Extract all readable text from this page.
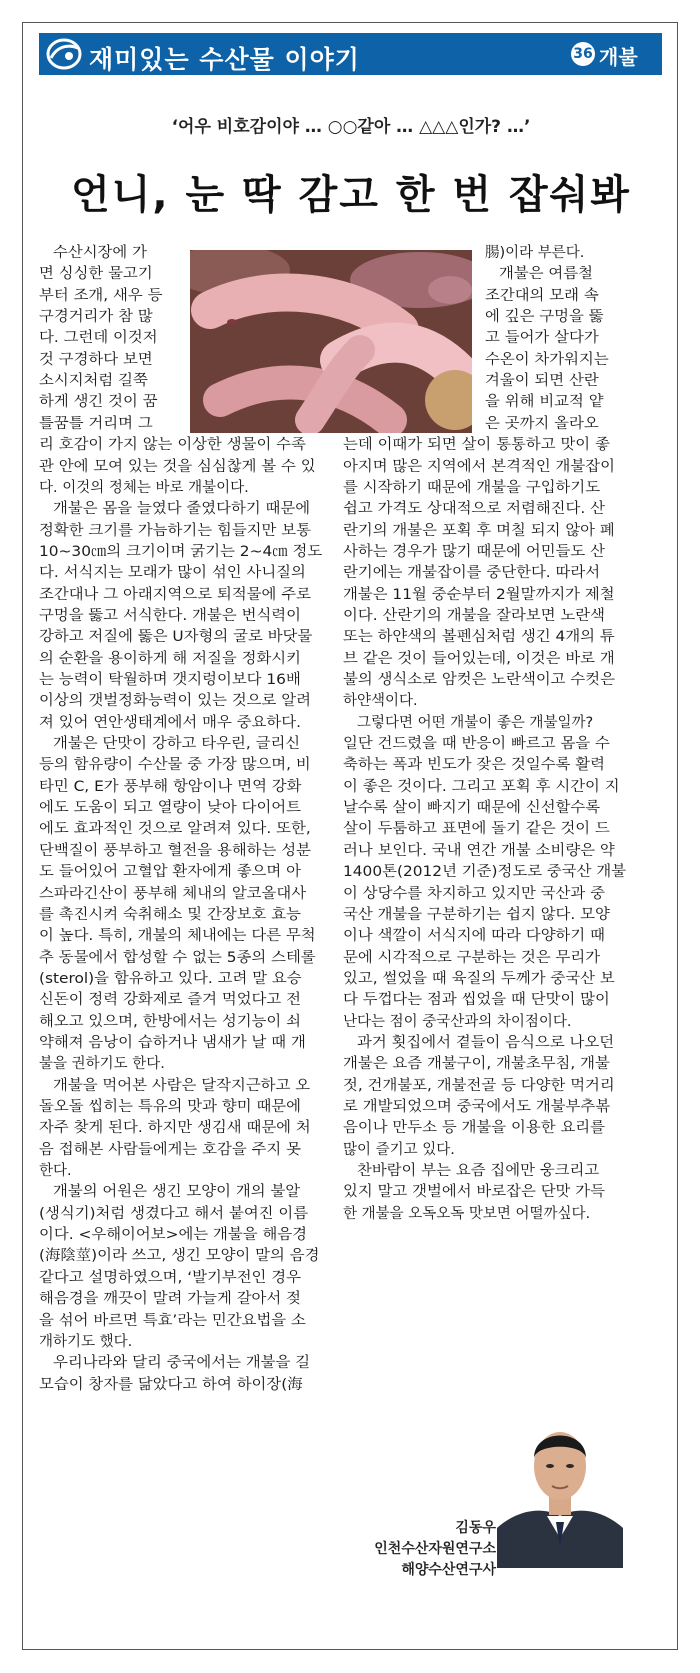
재미있는 수산물 이야기	36 개불
‘어우 비호감이야 … ○○같아 … △△△인가? …’
언니, 눈 딱 감고 한 번 잡숴봐
수산시장에 가
면 싱싱한 물고기
부터 조개, 새우 등
구경거리가 참 많
다. 그런데 이것저
것 구경하다 보면
소시지처럼 길쭉
하게 생긴 것이 꿈
틀꿈틀 거리며 그
리 호감이 가지 않는 이상한 생물이 수족
관 안에 모여 있는 것을 심심찮게 볼 수 있
다. 이것의 정체는 바로 개불이다.
개불은 몸을 늘였다 줄였다하기 때문에
정확한 크기를 가늠하기는 힘들지만 보통
10~30㎝의 크기이며 굵기는 2~4㎝ 정도
다. 서식지는 모래가 많이 섞인 사니질의
조간대나 그 아래지역으로 퇴적물에 주로
구멍을 뚫고 서식한다. 개불은 번식력이
강하고 저질에 뚫은 U자형의 굴로 바닷물
의 순환을 용이하게 해 저질을 정화시키
는 능력이 탁월하며 갯지렁이보다 16배
이상의 갯벌정화능력이 있는 것으로 알려
져 있어 연안생태계에서 매우 중요하다.
개불은 단맛이 강하고 타우린, 글리신
등의 함유량이 수산물 중 가장 많으며, 비
타민 C, E가 풍부해 항암이나 면역 강화
에도 도움이 되고 열량이 낮아 다이어트
에도 효과적인 것으로 알려져 있다. 또한,
단백질이 풍부하고 혈전을 용해하는 성분
도 들어있어 고혈압 환자에게 좋으며 아
스파라긴산이 풍부해 체내의 알코올대사
를 촉진시켜 숙취해소 및 간장보호 효능
이 높다. 특히, 개불의 체내에는 다른 무척
추 동물에서 합성할 수 없는 5종의 스테롤
(sterol)을 함유하고 있다. 고려 말 요승
신돈이 정력 강화제로 즐겨 먹었다고 전
해오고 있으며, 한방에서는 성기능이 쇠
약해져 음낭이 습하거나 냄새가 날 때 개
불을 권하기도 한다.
개불을 먹어본 사람은 달작지근하고 오
돌오돌 씹히는 특유의 맛과 향미 때문에
자주 찾게 된다. 하지만 생김새 때문에 처
음 접해본 사람들에게는 호감을 주지 못
한다.
개불의 어원은 생긴 모양이 개의 불알
(생식기)처럼 생겼다고 해서 붙여진 이름
이다. <우해이어보>에는 개불을 해음경
(海陰莖)이라 쓰고, 생긴 모양이 말의 음경
같다고 설명하였으며, ‘발기부전인 경우
해음경을 깨끗이 말려 가늘게 갈아서 젖
을 섞어 바르면 특효’라는 민간요법을 소
개하기도 했다.
우리나라와 달리 중국에서는 개불을 길
모습이 창자를 닮았다고 하여 하이장(海
腸)이라 부른다.
개불은 여름철
조간대의 모래 속
에 깊은 구멍을 뚫
고 들어가 살다가
수온이 차가워지는
겨울이 되면 산란
을 위해 비교적 얕
은 곳까지 올라오
는데 이때가 되면 살이 통통하고 맛이 좋
아지며 많은 지역에서 본격적인 개불잡이
를 시작하기 때문에 개불을 구입하기도
쉽고 가격도 상대적으로 저렴해진다. 산
란기의 개불은 포획 후 며칠 되지 않아 폐
사하는 경우가 많기 때문에 어민들도 산
란기에는 개불잡이를 중단한다. 따라서
개불은 11월 중순부터 2월말까지가 제철
이다. 산란기의 개불을 잘라보면 노란색
또는 하얀색의 볼펜심처럼 생긴 4개의 튜
브 같은 것이 들어있는데, 이것은 바로 개
불의 생식소로 암컷은 노란색이고 수컷은
하얀색이다.
그렇다면 어떤 개불이 좋은 개불일까?
일단 건드렸을 때 반응이 빠르고 몸을 수
축하는 폭과 빈도가 잦은 것일수록 활력
이 좋은 것이다. 그리고 포획 후 시간이 지
날수록 살이 빠지기 때문에 신선할수록
살이 두툼하고 표면에 돌기 같은 것이 드
러나 보인다. 국내 연간 개불 소비량은 약
1400톤(2012년 기준)정도로 중국산 개불
이 상당수를 차지하고 있지만 국산과 중
국산 개불을 구분하기는 쉽지 않다. 모양
이나 색깔이 서식지에 따라 다양하기 때
문에 시각적으로 구분하는 것은 무리가
있고, 썰었을 때 육질의 두께가 중국산 보
다 두껍다는 점과 씹었을 때 단맛이 많이
난다는 점이 중국산과의 차이점이다.
과거 횟집에서 곁들이 음식으로 나오던
개불은 요즘 개불구이, 개불초무침, 개불
젓, 건개불포, 개불전골 등 다양한 먹거리
로 개발되었으며 중국에서도 개불부추볶
음이나 만두소 등 개불을 이용한 요리를
많이 즐기고 있다.
찬바람이 부는 요즘 집에만 웅크리고
있지 말고 갯벌에서 바로잡은 단맛 가득
한 개불을 오독오독 맛보면 어떨까싶다.
김동우
인천수산자원연구소
해양수산연구사
